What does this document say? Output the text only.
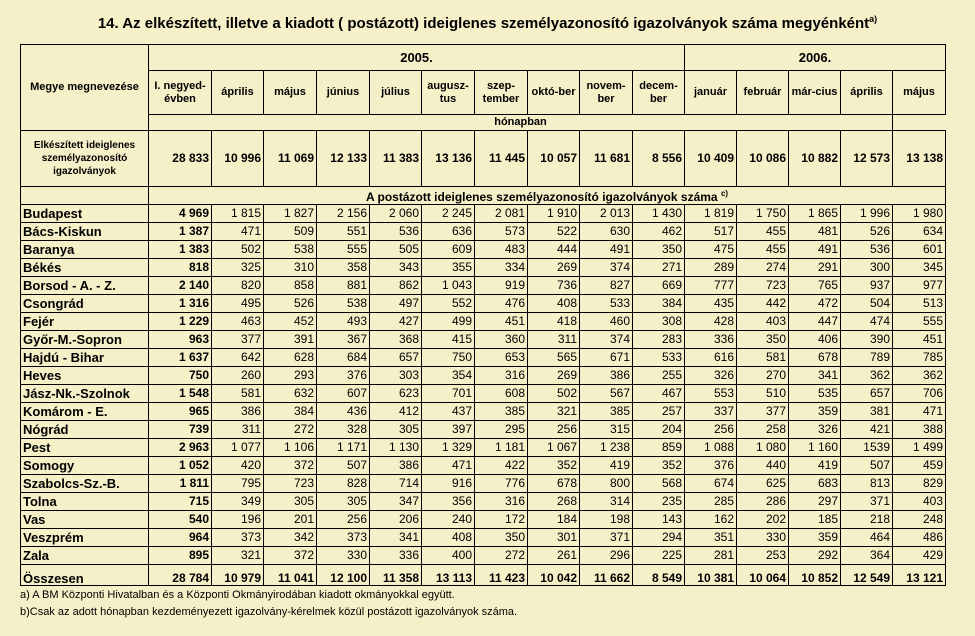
14. Az elkészített, illetve a kiadott ( postázott) ideiglenes személyazonosító igazolványok száma megyénként$^{a)}$
Megye megnevezése	2005.										2006.				
	I. negyed-évben	április	május	június	július	augusz-tus	szep-tember	októ-ber	novem-ber	decem-ber	január	február	már-cius	április	május
	hónapban														
Elkészített ideiglenes személyazonosító igazolványok	28 833	10 996	11 069	12 133	11 383	13 136	11 445	10 057	11 681	8 556	10 409	10 086	10 882	12 573	13 138
	A postázott ideiglenes személyazonosító igazolványok száma $^{c)}$
Budapest	4 969	1 815	1 827	2 156	2 060	2 245	2 081	1 910	2 013	1 430	1 819	1 750	1 865	1 996	1 980
Bács-Kiskun	1 387	471	509	551	536	636	573	522	630	462	517	455	481	526	634
Baranya	1 383	502	538	555	505	609	483	444	491	350	475	455	491	536	601
Békés	818	325	310	358	343	355	334	269	374	271	289	274	291	300	345
Borsod - A. - Z.	2 140	820	858	881	862	1 043	919	736	827	669	777	723	765	937	977
Csongrád	1 316	495	526	538	497	552	476	408	533	384	435	442	472	504	513
Fejér	1 229	463	452	493	427	499	451	418	460	308	428	403	447	474	555
Győr-M.-Sopron	963	377	391	367	368	415	360	311	374	283	336	350	406	390	451
Hajdú - Bihar	1 637	642	628	684	657	750	653	565	671	533	616	581	678	789	785
Heves	750	260	293	376	303	354	316	269	386	255	326	270	341	362	362
Jász-Nk.-Szolnok	1 548	581	632	607	623	701	608	502	567	467	553	510	535	657	706
Komárom - E.	965	386	384	436	412	437	385	321	385	257	337	377	359	381	471
Nógrád	739	311	272	328	305	397	295	256	315	204	256	258	326	421	388
Pest	2 963	1 077	1 106	1 171	1 130	1 329	1 181	1 067	1 238	859	1 088	1 080	1 160	1539	1 499
Somogy	1 052	420	372	507	386	471	422	352	419	352	376	440	419	507	459
Szabolcs-Sz.-B.	1 811	795	723	828	714	916	776	678	800	568	674	625	683	813	829
Tolna	715	349	305	305	347	356	316	268	314	235	285	286	297	371	403
Vas	540	196	201	256	206	240	172	184	198	143	162	202	185	218	248
Veszprém	964	373	342	373	341	408	350	301	371	294	351	330	359	464	486
Zala	895	321	372	330	336	400	272	261	296	225	281	253	292	364	429
Összesen	28 784	10 979	11 041	12 100	11 358	13 113	11 423	10 042	11 662	8 549	10 381	10 064	10 852	12 549	13 121
a) A BM Központi Hivatalban és a Központi Okmányirodában kiadott okmányokkal együtt.
b)Csak az adott hónapban kezdeményezett igazolvány-kérelmek közül postázott igazolványok száma.
